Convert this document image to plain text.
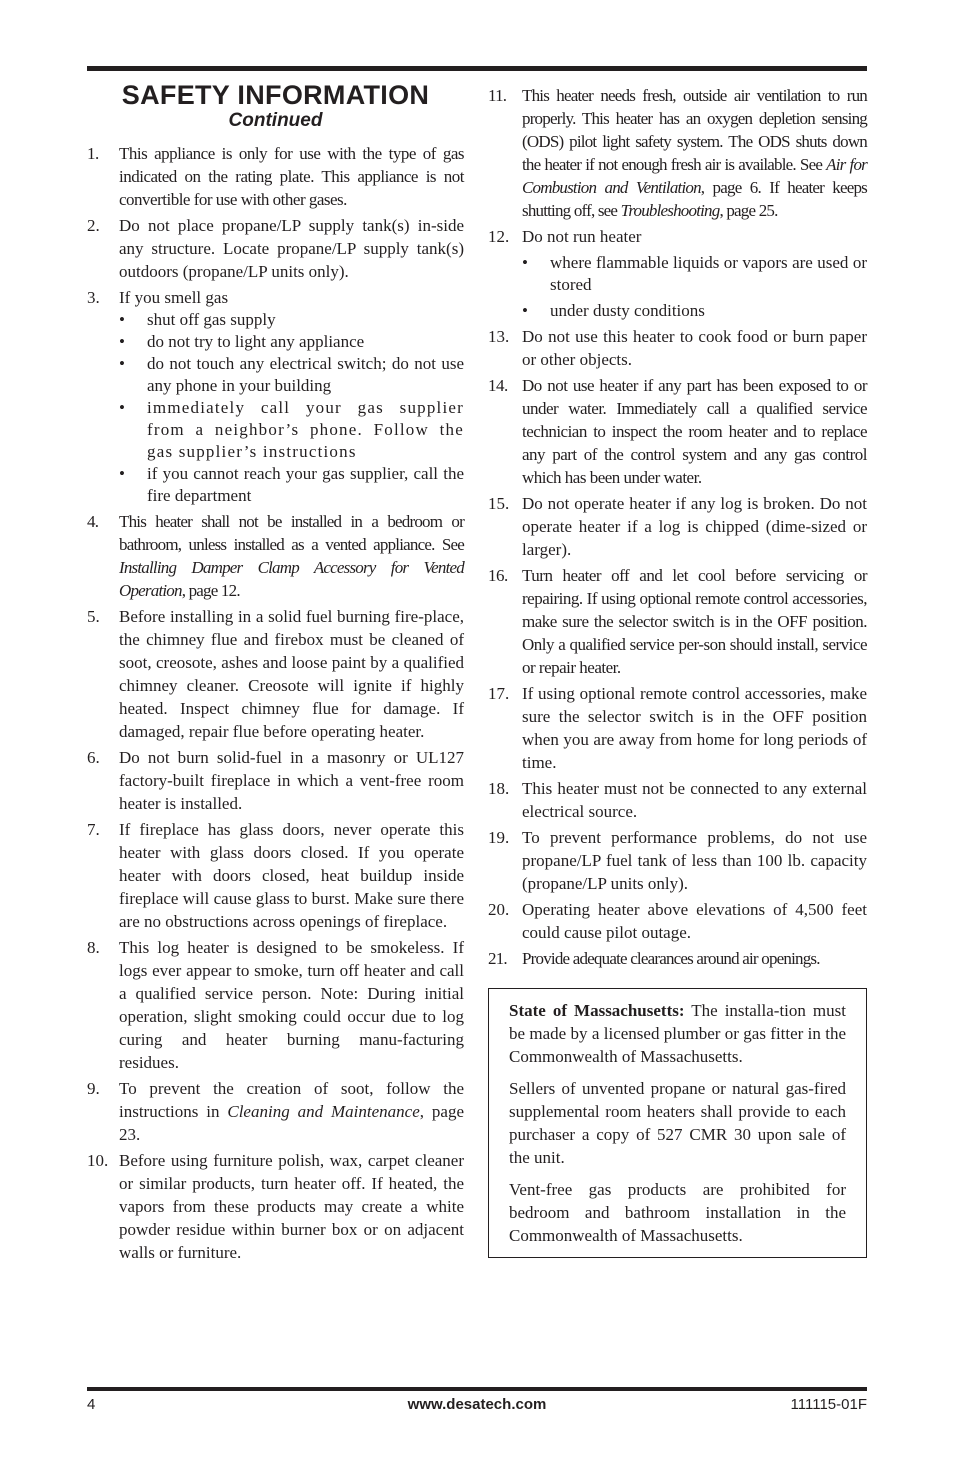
SAFETY INFORMATION
Continued
1. This appliance is only for use with the type of gas indicated on the rating plate. This appliance is not convertible for use with other gases.
2. Do not place propane/LP supply tank(s) in-side any structure. Locate propane/LP supply tank(s) outdoors (propane/LP units only).
3. If you smell gas
• shut off gas supply
• do not try to light any appliance
• do not touch any electrical switch; do not use any phone in your building
• immediately call your gas supplier from a neighbor’s phone. Follow the gas supplier’s instructions
• if you cannot reach your gas supplier, call the fire department
4. This heater shall not be installed in a bedroom or bathroom, unless installed as a vented appliance. See Installing Damper Clamp Accessory for Vented Operation, page 12.
5. Before installing in a solid fuel burning fire-place, the chimney flue and firebox must be cleaned of soot, creosote, ashes and loose paint by a qualified chimney cleaner. Creosote will ignite if highly heated. Inspect chimney flue for damage. If damaged, repair flue before operating heater.
6. Do not burn solid-fuel in a masonry or UL127 factory-built fireplace in which a vent-free room heater is installed.
7. If fireplace has glass doors, never operate this heater with glass doors closed. If you operate heater with doors closed, heat buildup inside fireplace will cause glass to burst. Make sure there are no obstructions across openings of fireplace.
8. This log heater is designed to be smokeless. If logs ever appear to smoke, turn off heater and call a qualified service person. Note: During initial operation, slight smoking could occur due to log curing and heater burning manu-facturing residues.
9. To prevent the creation of soot, follow the instructions in Cleaning and Maintenance, page 23.
10. Before using furniture polish, wax, carpet cleaner or similar products, turn heater off. If heated, the vapors from these products may create a white powder residue within burner box or on adjacent walls or furniture.
11. This heater needs fresh, outside air ventilation to run properly. This heater has an oxygen depletion sensing (ODS) pilot light safety system. The ODS shuts down the heater if not enough fresh air is available. See Air for Combustion and Ventilation, page 6. If heater keeps shutting off, see Troubleshooting, page 25.
12. Do not run heater
• where flammable liquids or vapors are used or stored
• under dusty conditions
13. Do not use this heater to cook food or burn paper or other objects.
14. Do not use heater if any part has been exposed to or under water. Immediately call a qualified service technician to inspect the room heater and to replace any part of the control system and any gas control which has been under water.
15. Do not operate heater if any log is broken. Do not operate heater if a log is chipped (dime-sized or larger).
16. Turn heater off and let cool before servicing or repairing. If using optional remote control accessories, make sure the selector switch is in the OFF position. Only a qualified service per-son should install, service or repair heater.
17. If using optional remote control accessories, make sure the selector switch is in the OFF position when you are away from home for long periods of time.
18. This heater must not be connected to any external electrical source.
19. To prevent performance problems, do not use propane/LP fuel tank of less than 100 lb. capacity (propane/LP units only).
20. Operating heater above elevations of 4,500 feet could cause pilot outage.
21. Provide adequate clearances around air openings.

State of Massachusetts: The installa-tion must be made by a licensed plumber or gas fitter in the Commonwealth of Massachusetts.

Sellers of unvented propane or natural gas-fired supplemental room heaters shall provide to each purchaser a copy of 527 CMR 30 upon sale of the unit.

Vent-free gas products are prohibited for bedroom and bathroom installation in the Commonwealth of Massachusetts.

4	www.desatech.com	111115-01F
